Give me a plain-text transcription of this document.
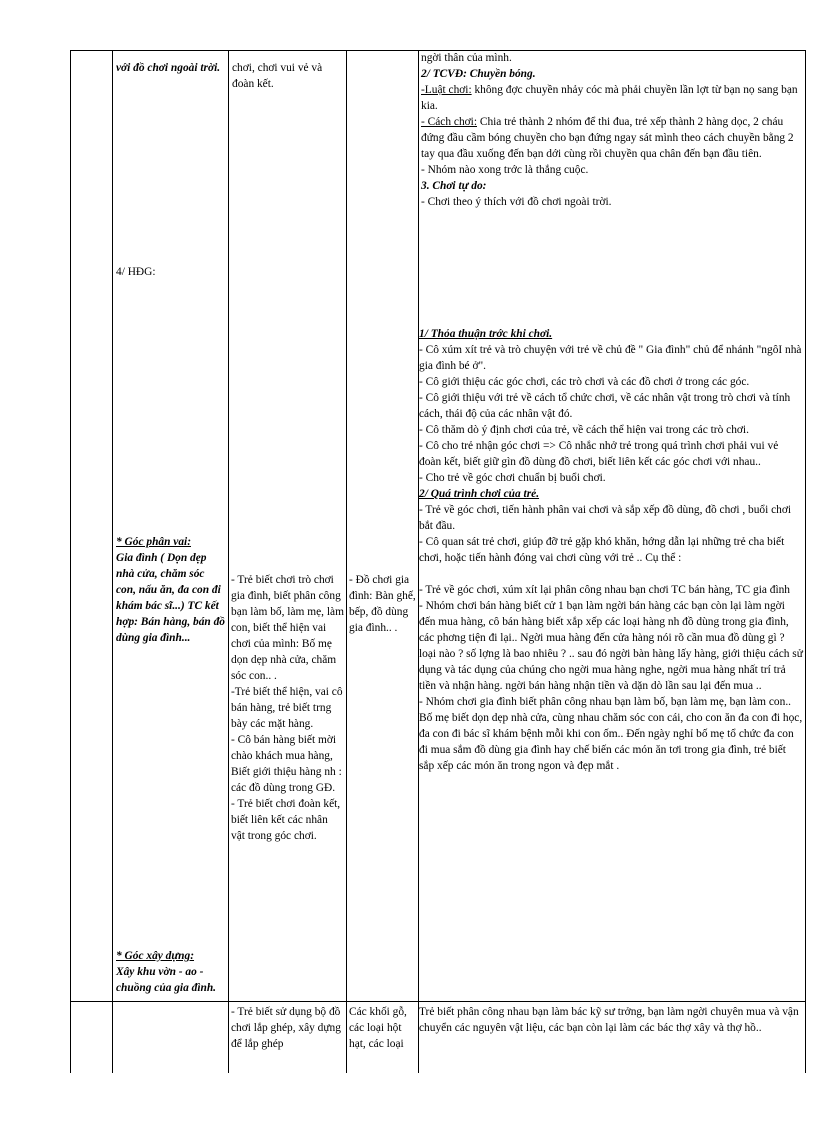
với đồ chơi ngoài trời.
4/ HĐG:

* Góc phân vai:

Gia đình ( Dọn dẹp nhà cửa, chăm sóc con, nấu ăn, đa con đi khám bác sĩ...) TC kết hợp: Bán hàng, bán đồ dùng gia đình...

* Góc xây dựng:

Xây khu vờn - ao - chuồng của gia đình.

chơi, chơi vui vẻ và đoàn kết.

- Trẻ biết chơi trò chơi gia đình, biết phân công bạn làm bố, làm mẹ, làm con, biết thể hiện vai chơi của mình: Bố mẹ dọn dẹp nhà cửa, chăm sóc con.. .

-Trẻ biết thể hiện, vai cô bán hàng, trẻ biết trng bày các mặt hàng.

- Cô bán hàng biết mời chào khách mua hàng, Biết giới thiệu hàng nh : các đồ dùng trong GĐ.

- Trẻ biết chơi đoàn kết, biết liên kết các nhân vật trong góc chơi.

- Trẻ biết sử dụng bộ đồ chơi lắp ghép, xây dựng để lắp ghép
- Đồ chơi gia đình: Bàn ghế, bếp, đồ dùng gia đình.. .
Các khối gỗ, các loại hột hạt, các loại

ngời thân của mình.

2/ TCVĐ: Chuyền bóng.

-Luật chơi: không đợc chuyền nhảy cóc mà phải chuyền lần lợt từ bạn nọ sang bạn kia.

- Cách chơi: Chia trẻ thành 2 nhóm để thi đua, trẻ xếp thành 2 hàng dọc, 2 cháu đứng đầu cầm bóng chuyền cho bạn đứng ngay sát mình theo cách chuyền bằng 2 tay qua đầu xuống đến bạn dới cùng rồi chuyền qua chân đến bạn đầu tiên.

- Nhóm nào xong trớc là thắng cuộc.

3. Chơi tự do:

- Chơi theo ý thích với đồ chơi ngoài trời.

1/ Thỏa thuận trớc khi chơi.

- Cô xúm xít trẻ và trò chuyện với trẻ về chủ đề " Gia đình" chủ để nhánh "ngôI nhà gia đình bé ở".

- Cô giới thiệu các góc chơi, các trò chơi và các đồ chơi ở trong các góc.

- Cô giới thiệu với trẻ về cách tổ chức chơi, về các nhân vật trong trò chơi và tính cách, thái độ của các nhân vật đó.

- Cô thăm dò ý định chơi của trẻ, về cách thể hiện vai trong các trò chơi.

- Cô cho trẻ nhận góc chơi => Cô nhắc nhở trẻ trong quá trình chơi phải vui vẻ đoàn kết, biết giữ gìn đồ dùng đồ chơi, biết liên kết các góc chơi với nhau..

- Cho trẻ về góc chơi chuẩn bị buổi chơi.

2/ Quá trình chơi của trẻ.

- Trẻ về góc chơi, tiến hành phân vai chơi và sắp xếp đồ dùng, đồ chơi , buổi chơi bắt đầu.

- Cô quan sát trẻ chơi, giúp đỡ trẻ gặp khó khăn, hớng dẫn lại những trẻ cha biết chơi, hoặc tiến hành đóng vai chơi cùng với trẻ .. Cụ thể :

- Trẻ về góc chơi, xúm xít lại phân công nhau bạn chơi TC bán hàng, TC gia đình

- Nhóm chơi bán hàng biết cử 1 bạn làm ngời bán hàng các bạn còn lại làm ngời đến mua hàng, cô bán hàng biết xắp xếp các loại hàng nh đồ dùng trong gia đình, các phơng tiện đi lại.. Ngời mua hàng đến cửa hàng nói rõ cần mua đồ dùng gì ? loại nào ? số lợng là bao nhiêu ? .. sau đó ngời bàn hàng lấy hàng, giới thiệu cách sử dụng và tác dụng của chúng cho ngời mua hàng nghe, ngời mua hàng nhất trí trả tiền và nhận hàng. ngời bán hàng nhận tiền và dặn dò lần sau lại đến mua ..

- Nhóm chơi gia đình biết phân công nhau bạn làm bố, bạn làm mẹ, bạn làm con.. Bố mẹ biết dọn dẹp nhà cửa, cùng nhau chăm sóc con cái, cho con ăn đa con đi học, đa con đi bác sĩ khám bệnh mỗi khi con ốm.. Đến ngày nghỉ bố mẹ tổ chức đa con đi mua sắm đồ dùng gia đình hay chế biến các món ăn tơi trong gia đình, trẻ biết sắp xếp các món ăn trong ngon và đẹp mắt .

Trẻ biết phân công nhau bạn làm bác kỹ sư trởng, bạn làm ngời chuyên mua và vận chuyển các nguyên vật liệu, các bạn còn lại làm các bác thợ xây và thợ hồ..
